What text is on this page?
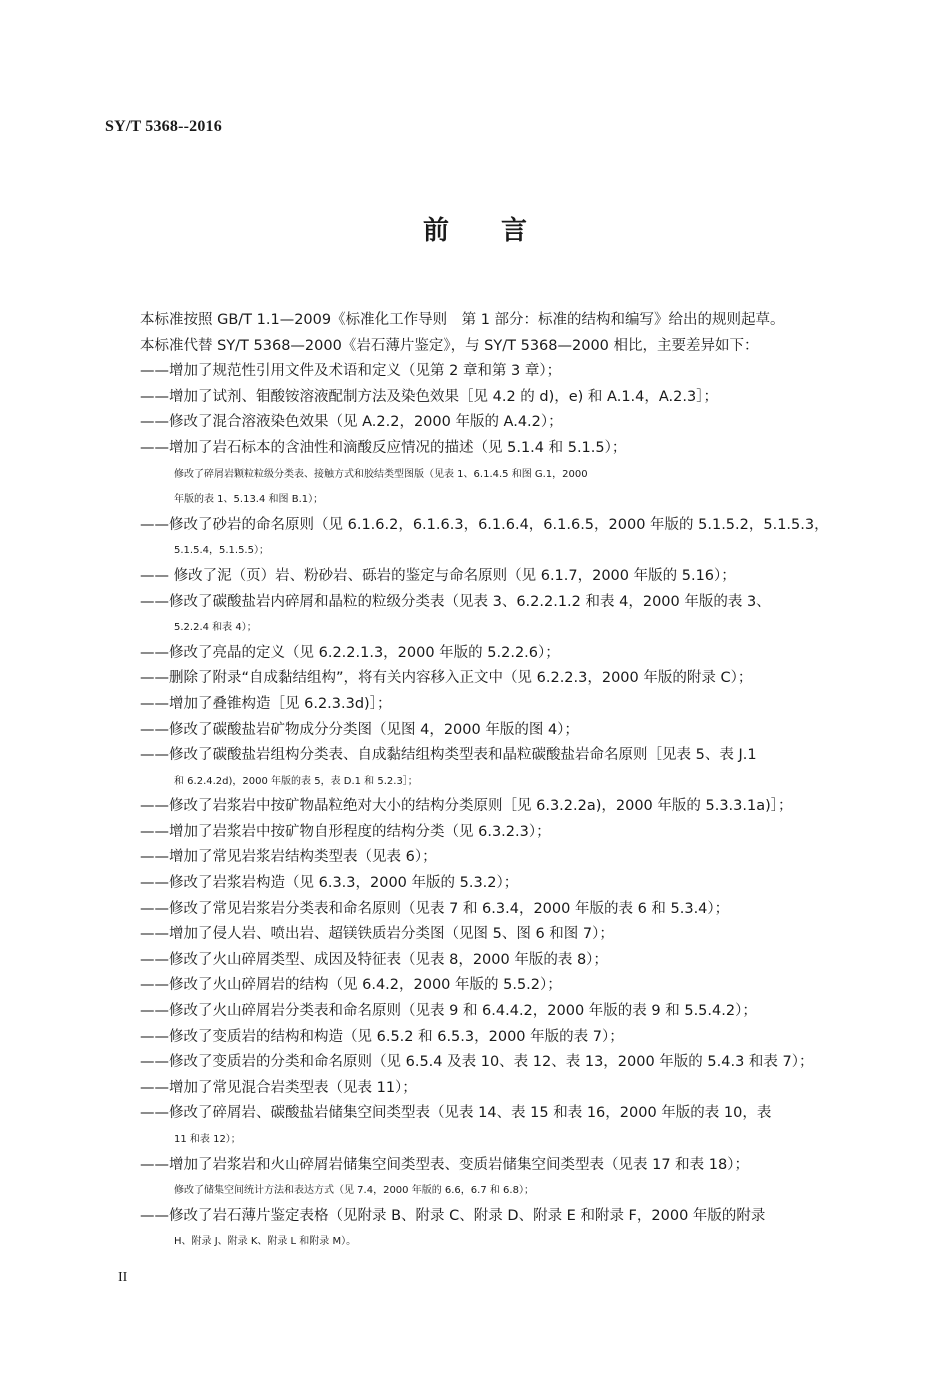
SY/T 5368--2016
前言
本标准按照 GB/T 1.1—2009《标准化工作导则　第 1 部分：标准的结构和编写》给出的规则起草。
本标准代替 SY/T 5368—2000《岩石薄片鉴定》，与 SY/T 5368—2000 相比，主要差异如下：
——增加了规范性引用文件及术语和定义（见第 2 章和第 3 章）；
——增加了试剂、钼酸铵溶液配制方法及染色效果［见 4.2 的 d)，e) 和 A.1.4，A.2.3］；
——修改了混合溶液染色效果（见 A.2.2，2000 年版的 A.4.2）；
——增加了岩石标本的含油性和滴酸反应情况的描述（见 5.1.4 和 5.1.5）；
修改了碎屑岩颗粒粒级分类表、接触方式和胶结类型图版（见表 1、6.1.4.5 和图 G.1，2000
年版的表 1、5.13.4 和图 B.1）；
——修改了砂岩的命名原则（见 6.1.6.2，6.1.6.3，6.1.6.4，6.1.6.5，2000 年版的 5.1.5.2，5.1.5.3，
5.1.5.4，5.1.5.5）；
—— 修改了泥（页）岩、粉砂岩、砾岩的鉴定与命名原则（见 6.1.7，2000 年版的 5.16）；
——修改了碳酸盐岩内碎屑和晶粒的粒级分类表（见表 3、6.2.2.1.2 和表 4，2000 年版的表 3、
5.2.2.4 和表 4）；
——修改了亮晶的定义（见 6.2.2.1.3，2000 年版的 5.2.2.6）；
——删除了附录“自成黏结组构”，将有关内容移入正文中（见 6.2.2.3，2000 年版的附录 C）；
——增加了叠锥构造［见 6.2.3.3d)］；
——修改了碳酸盐岩矿物成分分类图（见图 4，2000 年版的图 4）；
——修改了碳酸盐岩组构分类表、自成黏结组构类型表和晶粒碳酸盐岩命名原则［见表 5、表 J.1
和 6.2.4.2d)，2000 年版的表 5，表 D.1 和 5.2.3］；
——修改了岩浆岩中按矿物晶粒绝对大小的结构分类原则［见 6.3.2.2a)，2000 年版的 5.3.3.1a)］；
——增加了岩浆岩中按矿物自形程度的结构分类（见 6.3.2.3）；
——增加了常见岩浆岩结构类型表（见表 6）；
——修改了岩浆岩构造（见 6.3.3，2000 年版的 5.3.2）；
——修改了常见岩浆岩分类表和命名原则（见表 7 和 6.3.4，2000 年版的表 6 和 5.3.4）；
——增加了侵人岩、喷出岩、超镁铁质岩分类图（见图 5、图 6 和图 7）；
——修改了火山碎屑类型、成因及特征表（见表 8，2000 年版的表 8）；
——修改了火山碎屑岩的结构（见 6.4.2，2000 年版的 5.5.2）；
——修改了火山碎屑岩分类表和命名原则（见表 9 和 6.4.4.2，2000 年版的表 9 和 5.5.4.2）；
——修改了变质岩的结构和构造（见 6.5.2 和 6.5.3，2000 年版的表 7）；
——修改了变质岩的分类和命名原则（见 6.5.4 及表 10、表 12、表 13，2000 年版的 5.4.3 和表 7）；
——增加了常见混合岩类型表（见表 11）；
——修改了碎屑岩、碳酸盐岩储集空间类型表（见表 14、表 15 和表 16，2000 年版的表 10，表
11 和表 12）；
——增加了岩浆岩和火山碎屑岩储集空间类型表、变质岩储集空间类型表（见表 17 和表 18）；
修改了储集空间统计方法和表达方式（见 7.4，2000 年版的 6.6，6.7 和 6.8）；
——修改了岩石薄片鉴定表格（见附录 B、附录 C、附录 D、附录 E 和附录 F，2000 年版的附录
H、附录 J、附录 K、附录 L 和附录 M）。
II
